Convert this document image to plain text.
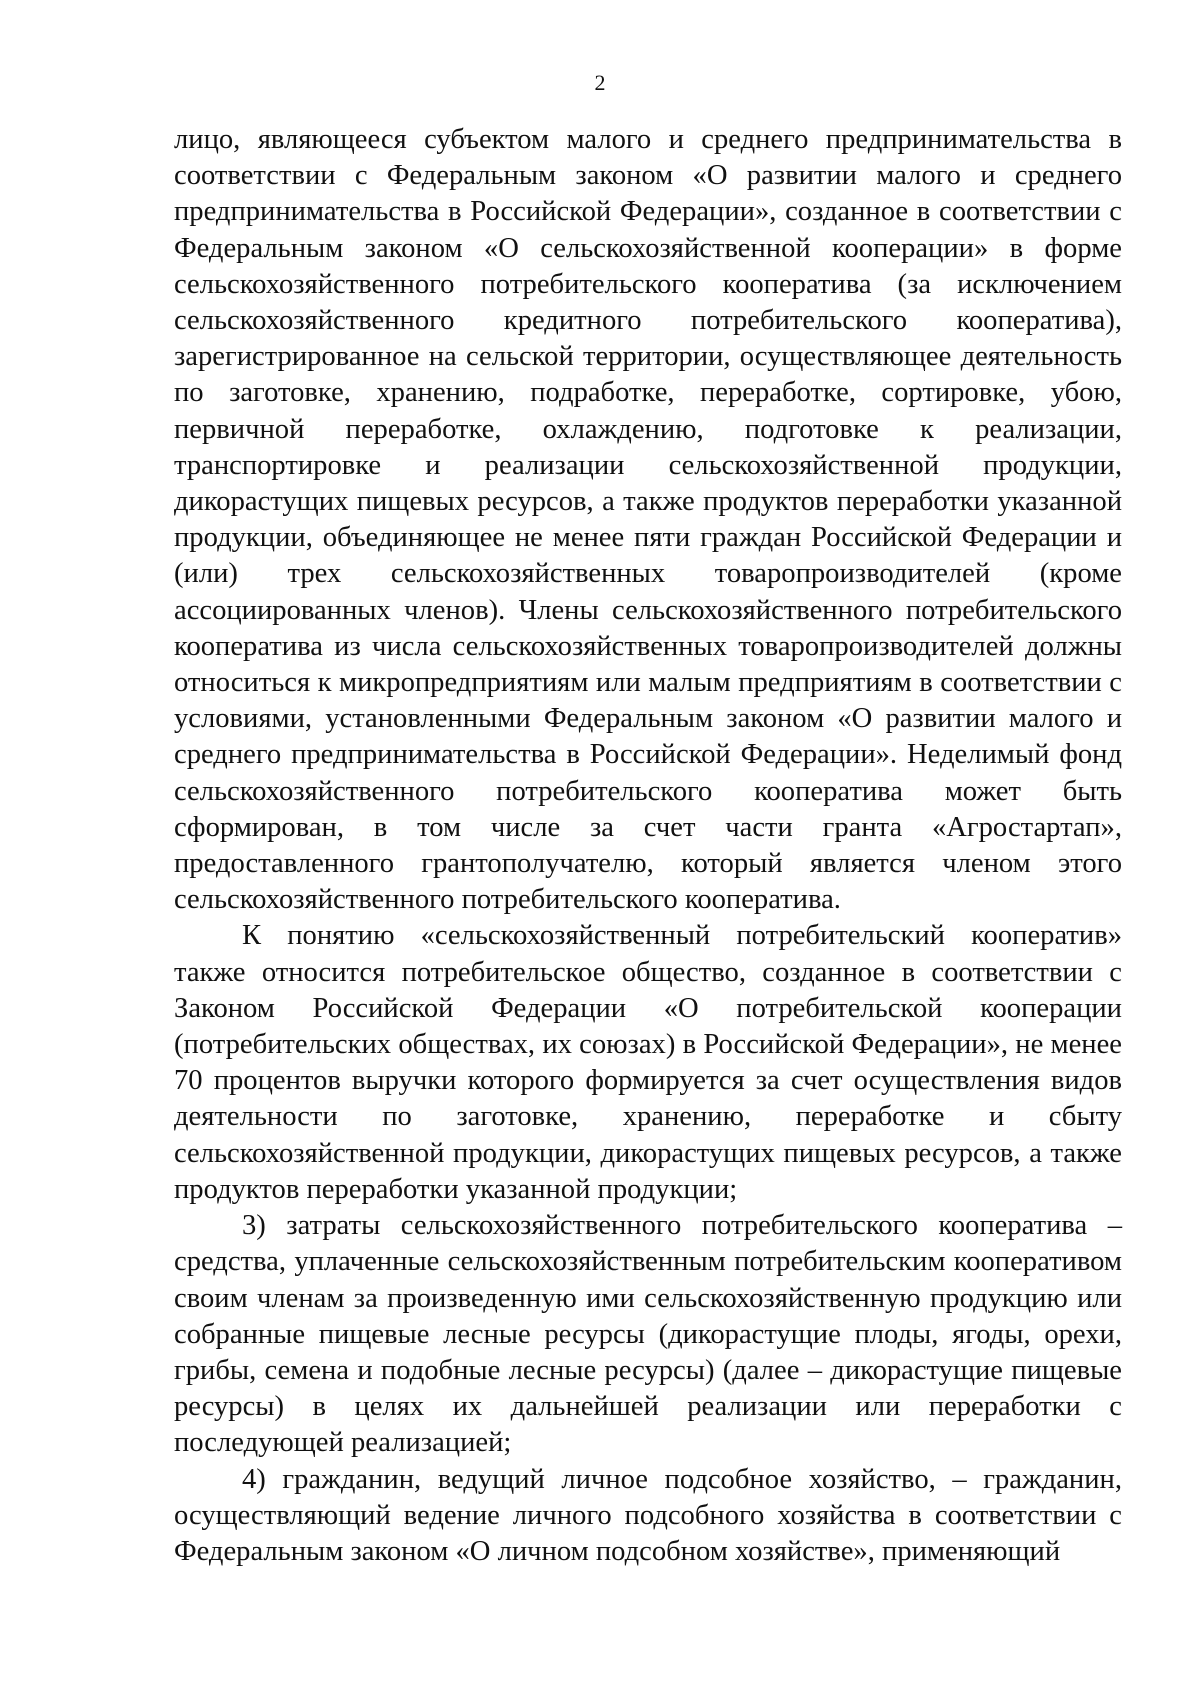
2

лицо, являющееся субъектом малого и среднего предпринимательства в соответствии с Федеральным законом «О развитии малого и среднего предпринимательства в Российской Федерации», созданное в соответствии с Федеральным законом «О сельскохозяйственной кооперации» в форме сельскохозяйственного потребительского кооператива (за исключением сельскохозяйственного кредитного потребительского кооператива), зарегистрированное на сельской территории, осуществляющее деятельность по заготовке, хранению, подработке, переработке, сортировке, убою, первичной переработке, охлаждению, подготовке к реализации, транспортировке и реализации сельскохозяйственной продукции, дикорастущих пищевых ресурсов, а также продуктов переработки указанной продукции, объединяющее не менее пяти граждан Российской Федерации и (или) трех сельскохозяйственных товаропроизводителей (кроме ассоциированных членов). Члены сельскохозяйственного потребительского кооператива из числа сельскохозяйственных товаропроизводителей должны относиться к микропредприятиям или малым предприятиям в соответствии с условиями, установленными Федеральным законом «О развитии малого и среднего предпринимательства в Российской Федерации». Неделимый фонд сельскохозяйственного потребительского кооператива может быть сформирован, в том числе за счет части гранта «Агростартап», предоставленного грантополучателю, который является членом этого сельскохозяйственного потребительского кооператива.

К понятию «сельскохозяйственный потребительский кооператив» также относится потребительское общество, созданное в соответствии с Законом Российской Федерации «О потребительской кооперации (потребительских обществах, их союзах) в Российской Федерации», не менее 70 процентов выручки которого формируется за счет осуществления видов деятельности по заготовке, хранению, переработке и сбыту сельскохозяйственной продукции, дикорастущих пищевых ресурсов, а также продуктов переработки указанной продукции;

3) затраты сельскохозяйственного потребительского кооператива – средства, уплаченные сельскохозяйственным потребительским кооперативом своим членам за произведенную ими сельскохозяйственную продукцию или собранные пищевые лесные ресурсы (дикорастущие плоды, ягоды, орехи, грибы, семена и подобные лесные ресурсы) (далее – дикорастущие пищевые ресурсы) в целях их дальнейшей реализации или переработки с последующей реализацией;

4) гражданин, ведущий личное подсобное хозяйство, – гражданин, осуществляющий ведение личного подсобного хозяйства в соответствии с Федеральным законом «О личном подсобном хозяйстве», применяющий
